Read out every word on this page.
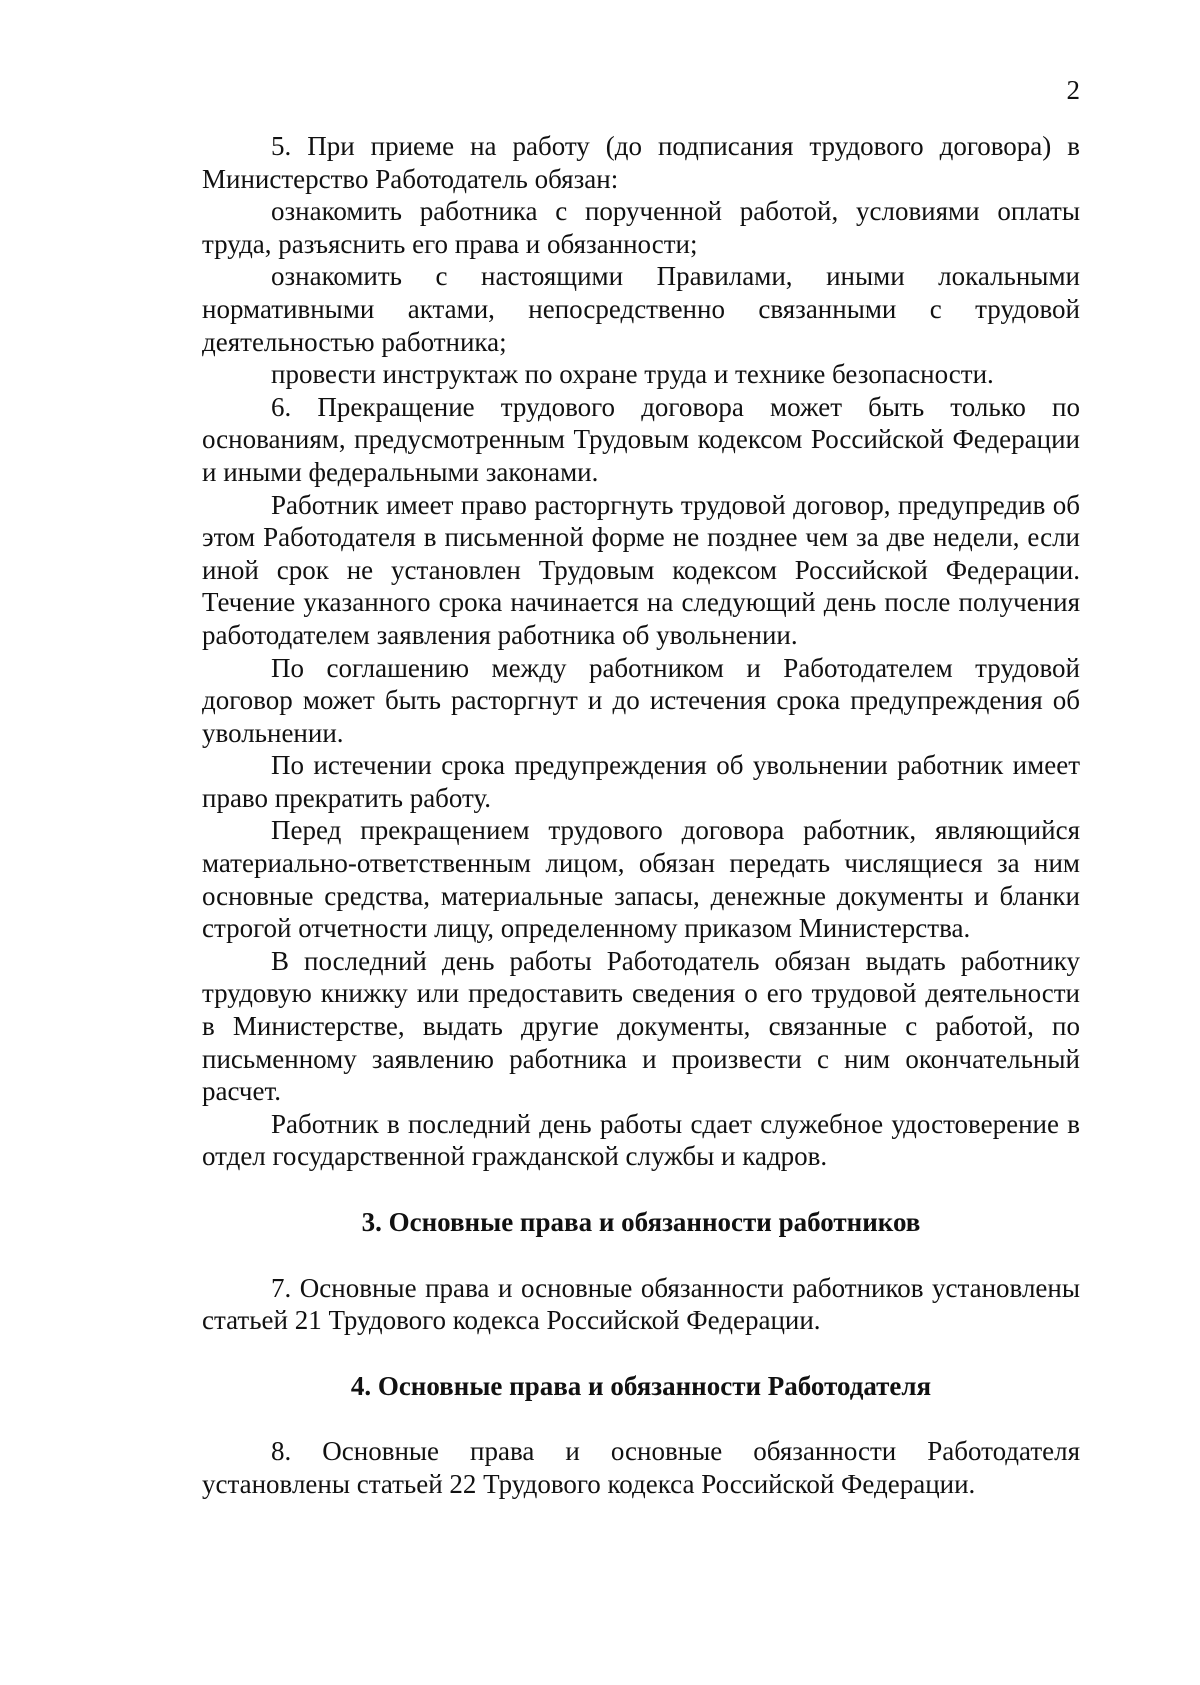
2

5. При приеме на работу (до подписания трудового договора) в Министерство Работодатель обязан:

ознакомить работника с порученной работой, условиями оплаты труда, разъяснить его права и обязанности;

ознакомить с настоящими Правилами, иными локальными нормативными актами, непосредственно связанными с трудовой деятельностью работника;

провести инструктаж по охране труда и технике безопасности.

6. Прекращение трудового договора может быть только по основаниям, предусмотренным Трудовым кодексом Российской Федерации и иными федеральными законами.

Работник имеет право расторгнуть трудовой договор, предупредив об этом Работодателя в письменной форме не позднее чем за две недели, если иной срок не установлен Трудовым кодексом Российской Федерации. Течение указанного срока начинается на следующий день после получения работодателем заявления работника об увольнении.

По соглашению между работником и Работодателем трудовой договор может быть расторгнут и до истечения срока предупреждения об увольнении.

По истечении срока предупреждения об увольнении работник имеет право прекратить работу.

Перед прекращением трудового договора работник, являющийся материально-ответственным лицом, обязан передать числящиеся за ним основные средства, материальные запасы, денежные документы и бланки строгой отчетности лицу, определенному приказом Министерства.

В последний день работы Работодатель обязан выдать работнику трудовую книжку или предоставить сведения о его трудовой деятельности в Министерстве, выдать другие документы, связанные с работой, по письменному заявлению работника и произвести с ним окончательный расчет.

Работник в последний день работы сдает служебное удостоверение в отдел государственной гражданской службы и кадров.

3. Основные права и обязанности работников

7. Основные права и основные обязанности работников установлены статьей 21 Трудового кодекса Российской Федерации.

4. Основные права и обязанности Работодателя

8. Основные права и основные обязанности Работодателя установлены статьей 22 Трудового кодекса Российской Федерации.
